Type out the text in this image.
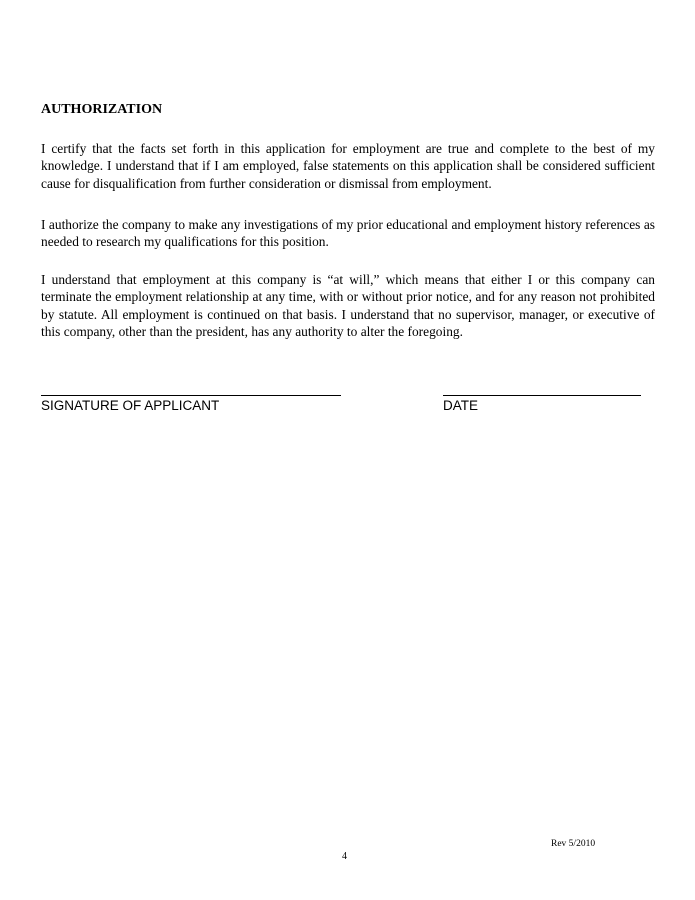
AUTHORIZATION

I certify that the facts set forth in this application for employment are true and complete to the best of my knowledge. I understand that if I am employed, false statements on this application shall be considered sufficient cause for disqualification from further consideration or dismissal from employment.

I authorize the company to make any investigations of my prior educational and employment history references as needed to research my qualifications for this position.

I understand that employment at this company is “at will,” which means that either I or this company can terminate the employment relationship at any time, with or without prior notice, and for any reason not prohibited by statute. All employment is continued on that basis. I understand that no supervisor, manager, or executive of this company, other than the president, has any authority to alter the foregoing.

SIGNATURE OF APPLICANT	DATE
Rev 5/2010
4
